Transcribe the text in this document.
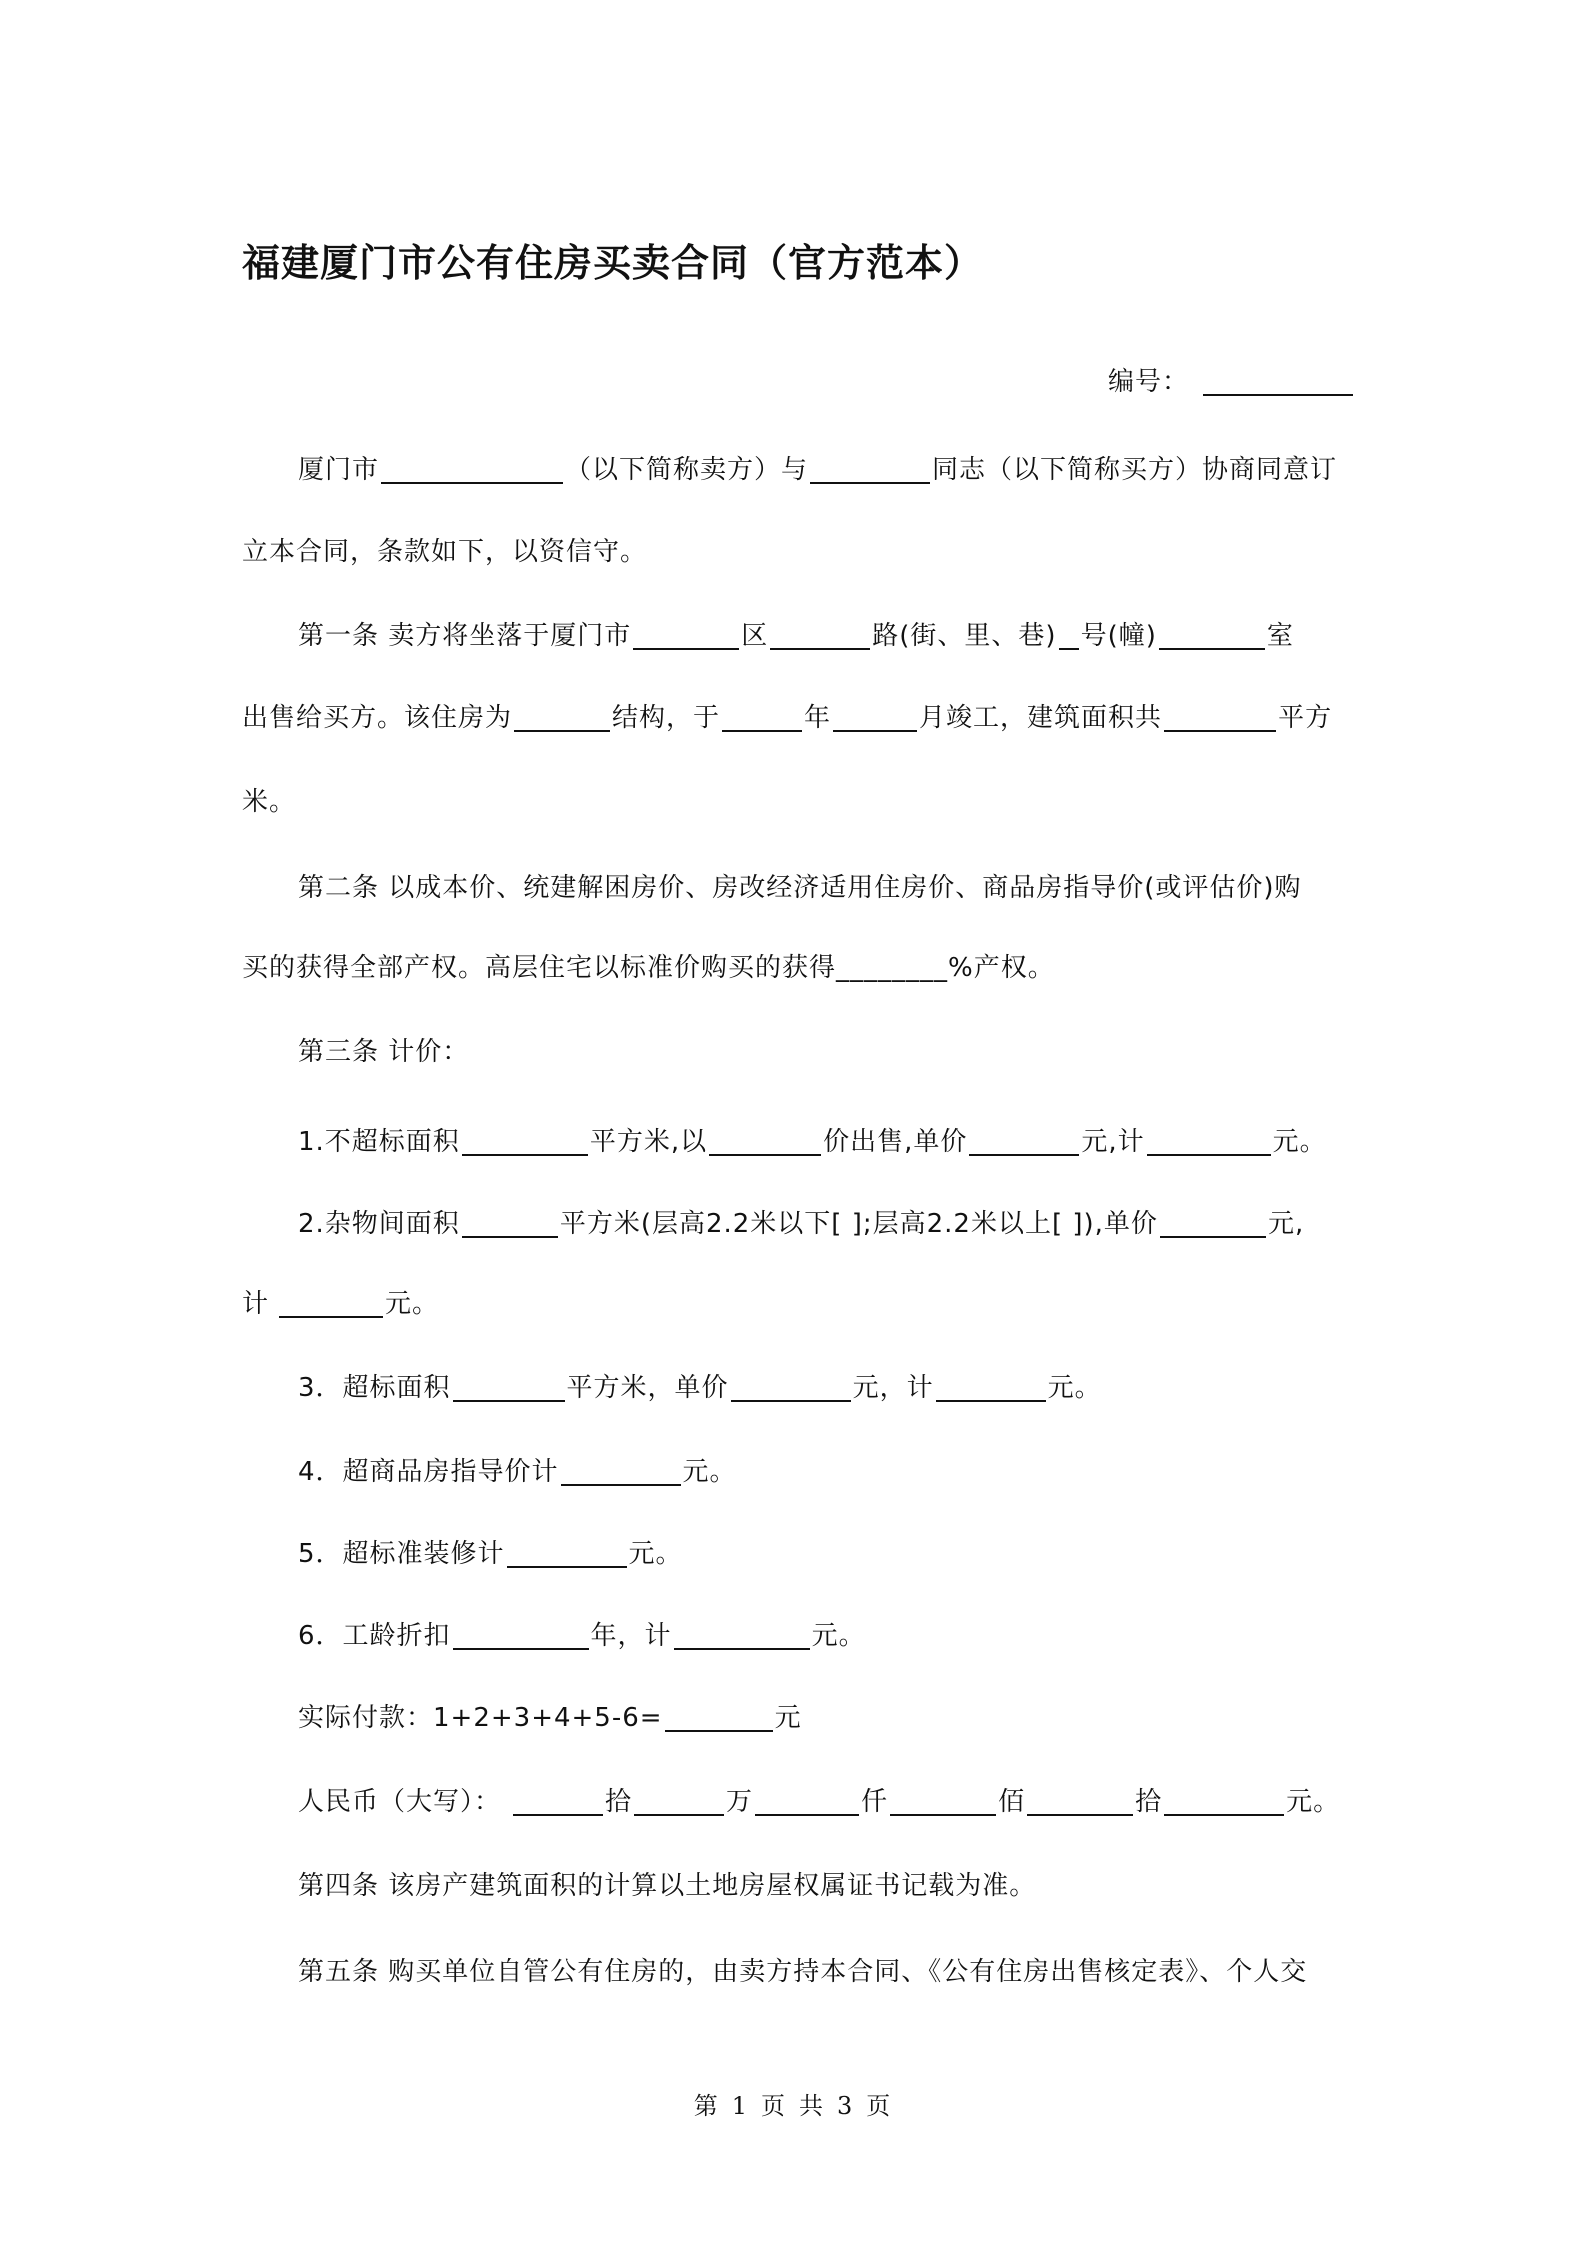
福建厦门市公有住房买卖合同（官方范本）
编号：
厦门市	（以下简称卖方）与	同志（以下简称买方）协商同意订
立本合同，条款如下，以资信守。
第一条 卖方将坐落于厦门市	区	路(街、里、巷) 号(幢)	室
出售给买方。该住房为	结构，于	年	月竣工，建筑面积共	平方
米。
第二条 以成本价、统建解困房价、房改经济适用住房价、商品房指导价(或评估价)购
买的获得全部产权。高层住宅以标准价购买的获得________%产权。
第三条 计价：
1.不超标面积	平方米,以	价出售,单价	元,计	元。
2.杂物间面积	平方米(层高2.2米以下[ ];层高2.2米以上[ ]),单价	元,
计	元。
3．超标面积	平方米，单价	元，计	元。
4．超商品房指导价计	元。
5．超标准装修计	元。
6．工龄折扣	年，计	元。
实际付款：1+2+3+4+5-6=	元
人民币（大写）：	拾	万	仟	佰	拾	元。
第四条 该房产建筑面积的计算以土地房屋权属证书记载为准。
第五条 购买单位自管公有住房的，由卖方持本合同、《公有住房出售核定表》、个人交
第 1 页 共 3 页
